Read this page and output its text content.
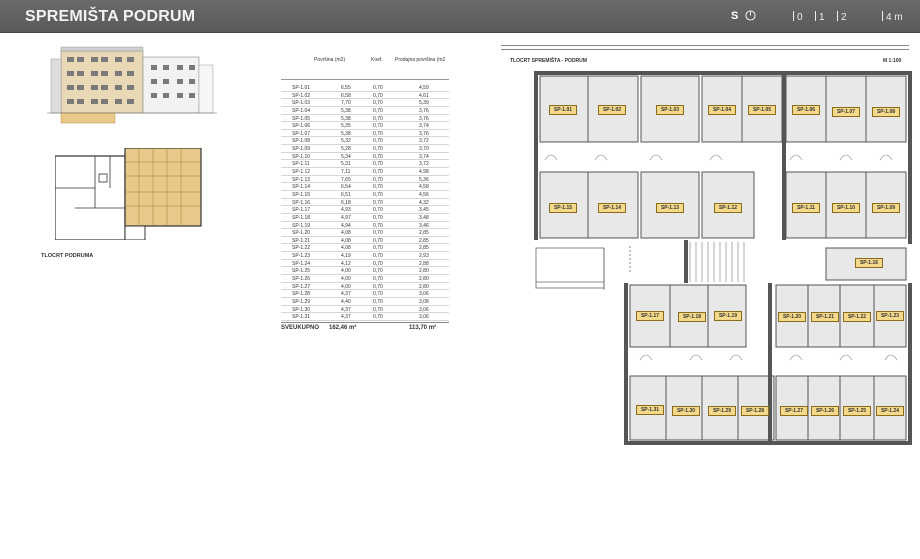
SPREMIŠTA PODRUM	S	0	1	2	4 m
TLOCRT PODRUMA
Površina (m2)	Koef. Prodajna površina (m2
SP-1.01	6,55	0,70	4,59
SP-1.02	6,58	0,70	4,61
SP-1.03	7,70	0,70	5,39
SP-1.04	5,38	0,70	3,76
SP-1.05	5,38	0,70	3,76
SP-1.06	5,35	0,70	3,74
SP-1.07	5,38	0,70	3,76
SP-1.08	5,32	0,70	3,72
SP-1.09	5,28	0,70	3,70
SP-1.10	5,34	0,70	3,74
SP-1.11	5,31	0,70	3,72
SP-1.12	7,11	0,70	4,98
SP-1.13	7,65	0,70	5,36
SP-1.14	6,54	0,70	4,58
SP-1.15	6,51	0,70	4,56
SP-1.16	6,18	0,70	4,32
SP-1.17	4,93	0,70	3,45
SP-1.18	4,97	0,70	3,48
SP-1.19	4,94	0,70	3,46
SP-1.20	4,08	0,70	2,85
SP-1.21	4,08	0,70	2,85
SP-1.22	4,08	0,70	2,85
SP-1.23	4,19	0,70	2,93
SP-1.24	4,12	0,70	2,88
SP-1.25	4,00	0,70	2,80
SP-1.26	4,00	0,70	2,80
SP-1.27	4,00	0,70	2,80
SP-1.28	4,37	0,70	3,06
SP-1.29	4,40	0,70	3,08
SP-1.30	4,37	0,70	3,06
SP-1.31	4,37	0,70	3,06
SVEUKUPNO 162,46 m²	113,70 m²
TLOCRT SPREMIŠTA - PODRUM	M 1:100
SP-1.01	SP-1.02	SP-1.03	SP-1.04	SP-1.05	SP-1.06	SP-1.07	SP-1.08
SP-1.15	SP-1.14	SP-1.13	SP-1.12	SP-1.11	SP-1.10	SP-1.09
SP-1.16
SP-1.17	SP-1.18	SP-1.19	SP-1.20	SP-1.21	SP-1.22	SP-1.23
SP-1.31	SP-1.30	SP-1.29	SP-1.28	SP-1.27	SP-1.26	SP-1.25	SP-1.24
